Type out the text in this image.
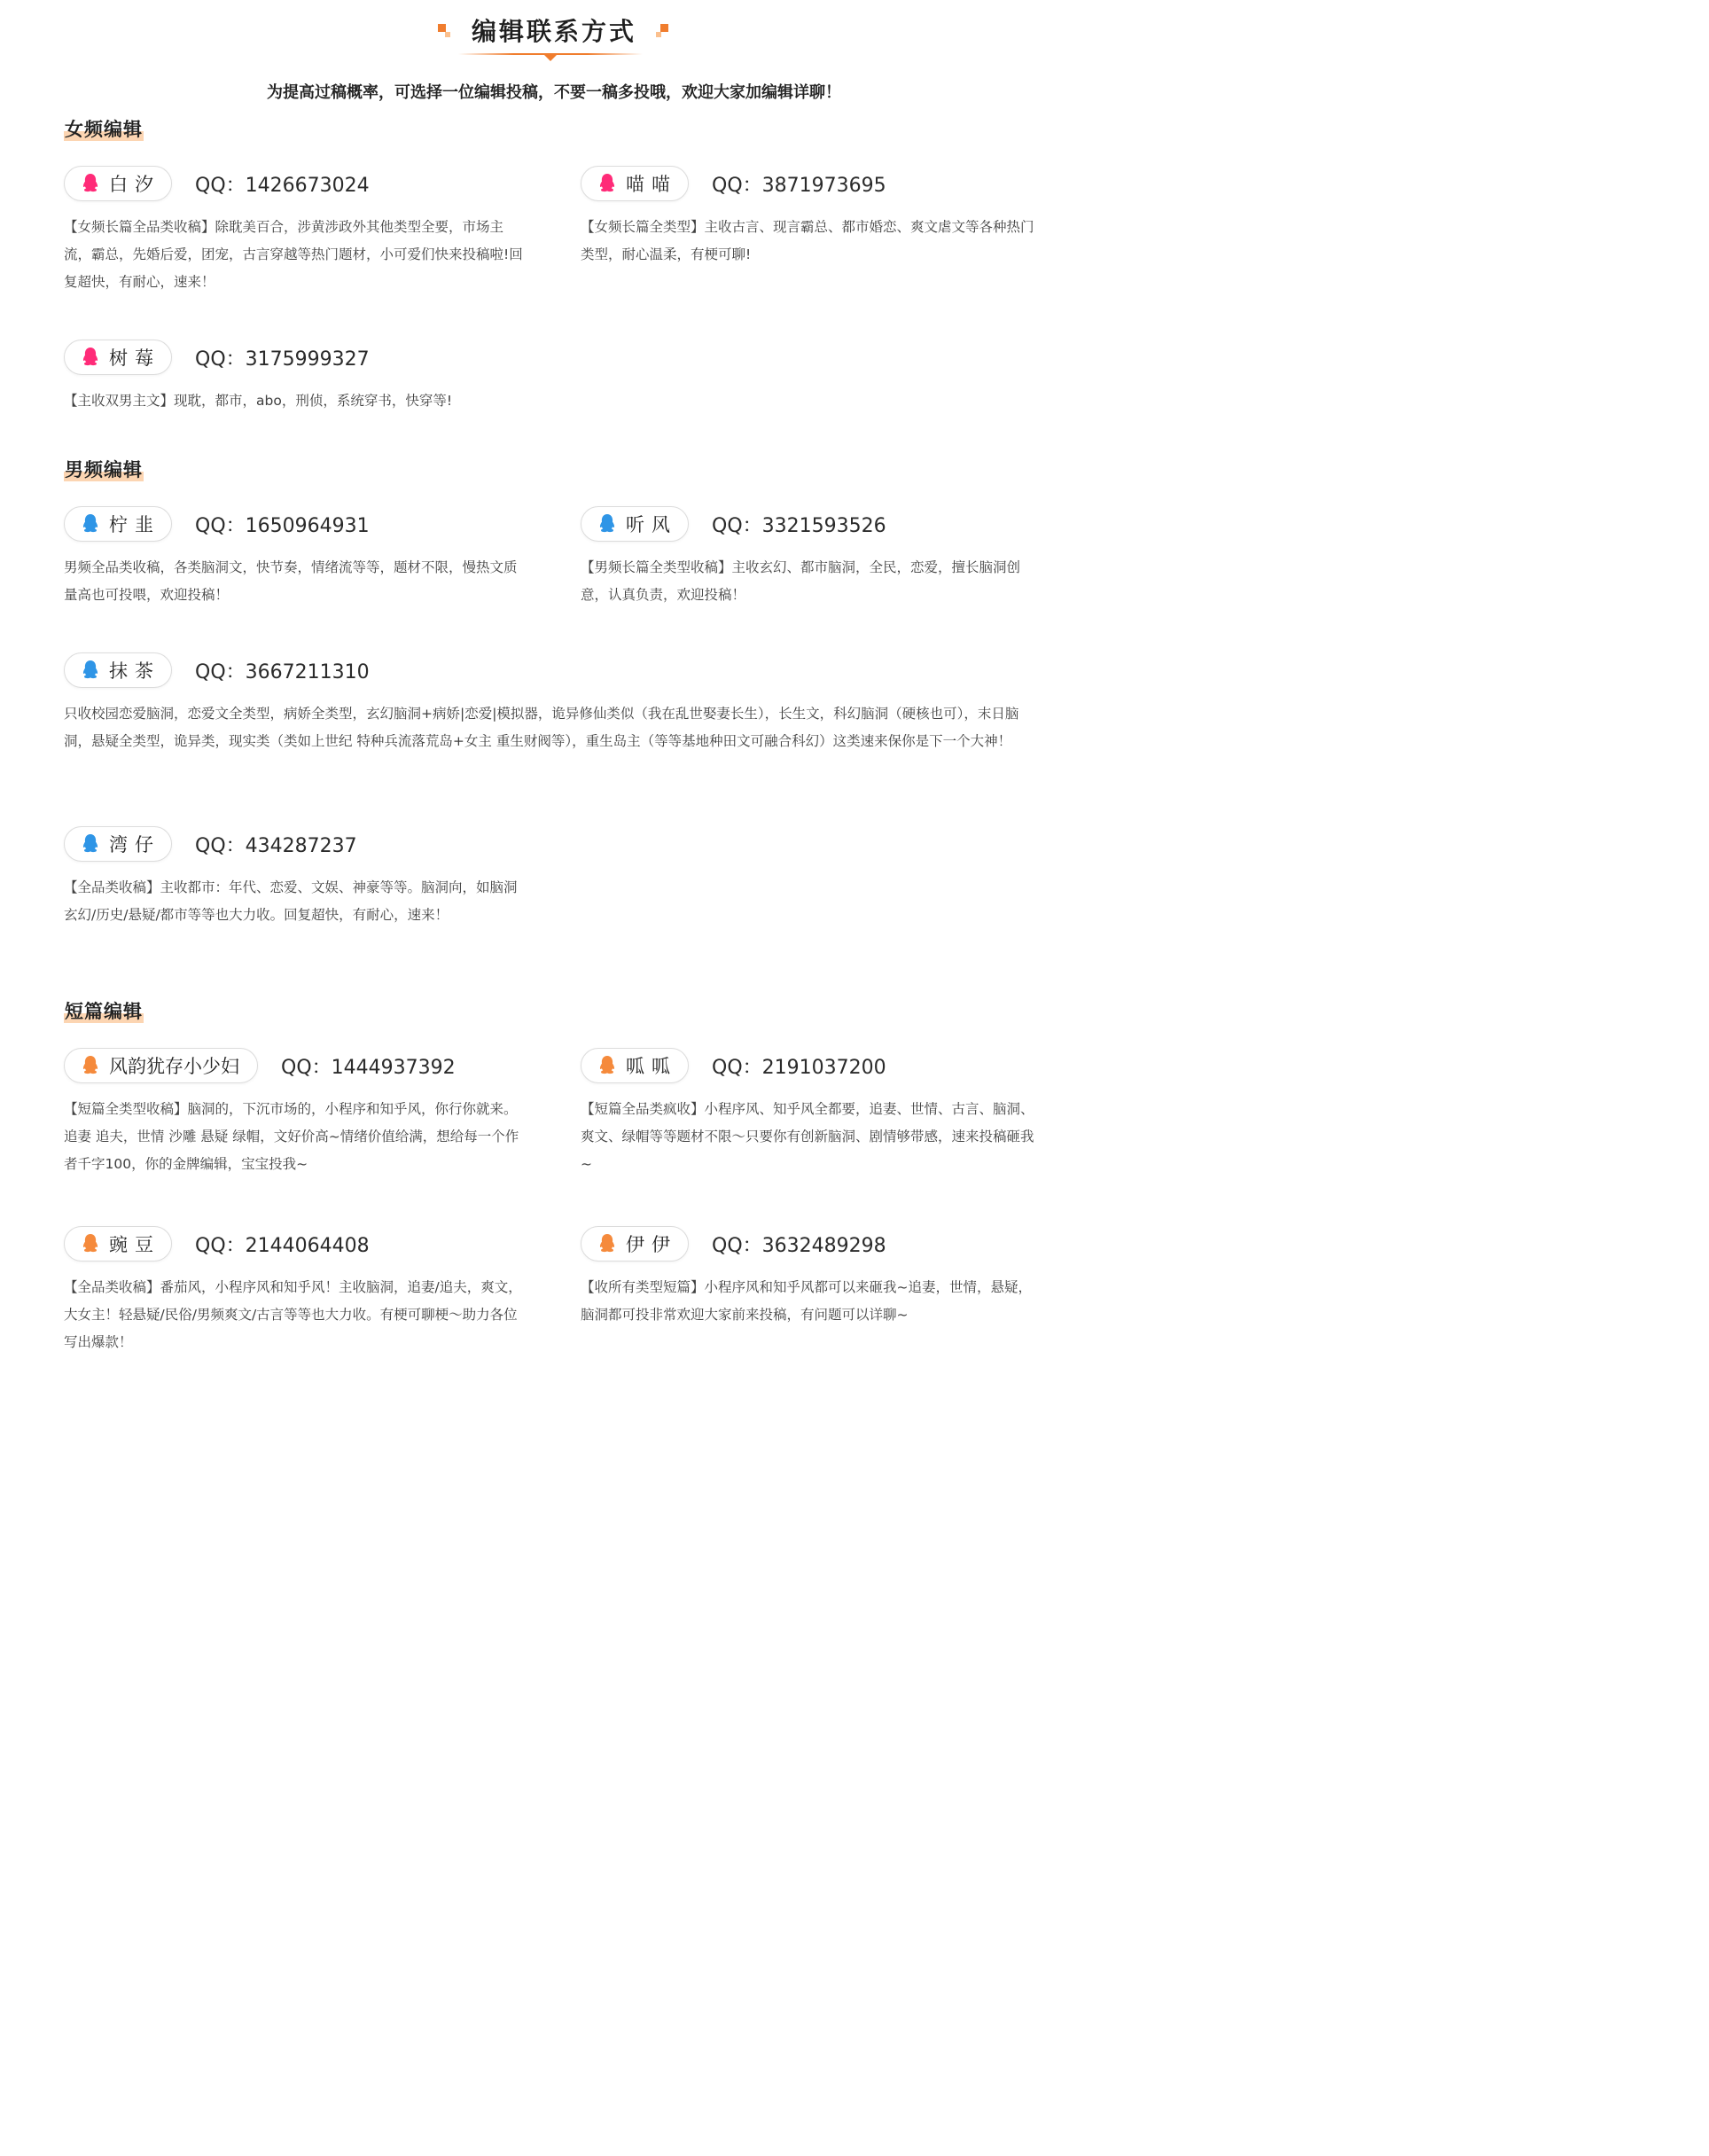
编辑联系方式
为提高过稿概率，可选择一位编辑投稿，不要一稿多投哦，欢迎大家加编辑详聊！
女频编辑
白汐 QQ：1426673024
【女频长篇全品类收稿】除耽美百合，涉黄涉政外其他类型全要，市场主流，霸总，先婚后爱，团宠，古言穿越等热门题材，小可爱们快来投稿啦!回复超快，有耐心，速来！
喵喵 QQ：3871973695
【女频长篇全类型】主收古言、现言霸总、都市婚恋、爽文虐文等各种热门类型，耐心温柔，有梗可聊!
树莓 QQ：3175999327
【主收双男主文】现耽，都市，abo，刑侦，系统穿书，快穿等!
男频编辑
柠韭 QQ：1650964931
男频全品类收稿，各类脑洞文，快节奏，情绪流等等，题材不限，慢热文质量高也可投喂，欢迎投稿！
听风 QQ：3321593526
【男频长篇全类型收稿】主收玄幻、都市脑洞，全民，恋爱，擅长脑洞创意，认真负责，欢迎投稿！
抹茶 QQ：3667211310
只收校园恋爱脑洞，恋爱文全类型，病娇全类型，玄幻脑洞+病娇|恋爱|模拟器，诡异修仙类似（我在乱世娶妻长生），长生文，科幻脑洞（硬核也可），末日脑洞，悬疑全类型，诡异类，现实类（类如上世纪 特种兵流落荒岛+女主 重生财阀等），重生岛主（等等基地种田文可融合科幻）这类速来保你是下一个大神！
湾仔 QQ：434287237
【全品类收稿】主收都市：年代、恋爱、文娱、神豪等等。脑洞向，如脑洞玄幻/历史/悬疑/都市等等也大力收。回复超快，有耐心，速来！
短篇编辑
风韵犹存小少妇 QQ：1444937392
【短篇全类型收稿】脑洞的，下沉市场的，小程序和知乎风，你行你就来。追妻 追夫，世情 沙雕 悬疑 绿帽，文好价高~情绪价值给满，想给每一个作者千字100，你的金牌编辑，宝宝投我~
呱呱 QQ：2191037200
【短篇全品类疯收】小程序风、知乎风全都要，追妻、世情、古言、脑洞、爽文、绿帽等等题材不限～只要你有创新脑洞、剧情够带感，速来投稿砸我~
豌豆 QQ：2144064408
【全品类收稿】番茄风，小程序风和知乎风！主收脑洞，追妻/追夫，爽文，大女主！轻悬疑/民俗/男频爽文/古言等等也大力收。有梗可聊梗～助力各位写出爆款！
伊伊 QQ：3632489298
【收所有类型短篇】小程序风和知乎风都可以来砸我~追妻，世情，悬疑，脑洞都可投非常欢迎大家前来投稿，有问题可以详聊~
